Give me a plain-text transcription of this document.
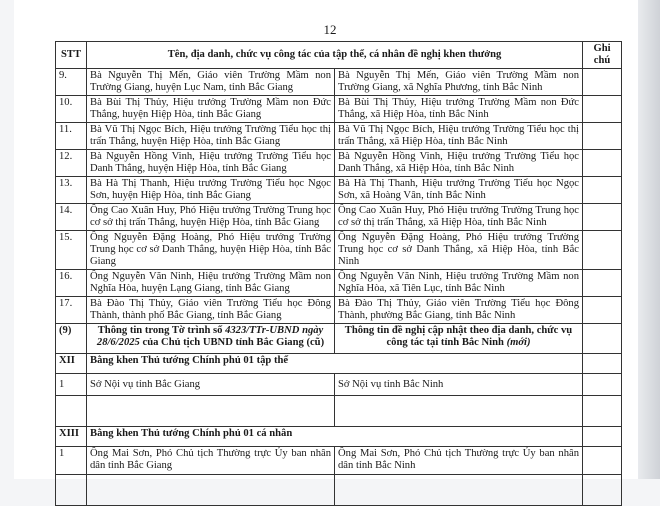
12
STT	Tên, địa danh, chức vụ công tác của tập thể, cá nhân đề nghị khen thưởng		Ghi
chú
9.	Bà Nguyễn Thị Mến, Giáo viên Trường Mầm non Trường Giang, huyện Lục Nam, tỉnh Bắc Giang	Bà Nguyễn Thị Mến, Giáo viên Trường Mầm non Trường Giang, xã Nghĩa Phương, tỉnh Bắc Ninh	
10.	Bà Bùi Thị Thủy, Hiệu trưởng Trường Mầm non Đức Thắng, huyện Hiệp Hòa, tỉnh Bắc Giang	Bà Bùi Thị Thủy, Hiệu trưởng Trường Mầm non Đức Thắng, xã Hiệp Hòa, tỉnh Bắc Ninh	
11.	Bà Vũ Thị Ngọc Bích, Hiệu trưởng Trường Tiểu học thị trấn Thắng, huyện Hiệp Hòa, tỉnh Bắc Giang	Bà Vũ Thị Ngọc Bích, Hiệu trưởng Trường Tiểu học thị trấn Thắng, xã Hiệp Hòa, tỉnh Bắc Ninh	
12.	Bà Nguyễn Hồng Vinh, Hiệu trưởng Trường Tiểu học Danh Thắng, huyện Hiệp Hòa, tỉnh Bắc Giang	Bà Nguyễn Hồng Vinh, Hiệu trưởng Trường Tiểu học Danh Thắng, xã Hiệp Hòa, tỉnh Bắc Ninh	
13.	Bà Hà Thị Thanh, Hiệu trưởng Trường Tiểu học Ngọc Sơn, huyện Hiệp Hòa, tỉnh Bắc Giang	Bà Hà Thị Thanh, Hiệu trưởng Trường Tiểu học Ngọc Sơn, xã Hoàng Vân, tỉnh Bắc Ninh	
14.	Ông Cao Xuân Huy, Phó Hiệu trưởng Trường Trung học cơ sở thị trấn Thắng, huyện Hiệp Hòa, tỉnh Bắc Giang	Ông Cao Xuân Huy, Phó Hiệu trưởng Trường Trung học cơ sở thị trấn Thắng, xã Hiệp Hòa, tỉnh Bắc Ninh	
15.	Ông Nguyễn Đặng Hoàng, Phó Hiệu trưởng Trường Trung học cơ sở Danh Thắng, huyện Hiệp Hòa, tỉnh Bắc Giang	Ông Nguyễn Đặng Hoàng, Phó Hiệu trưởng Trường Trung học cơ sở Danh Thắng, xã Hiệp Hòa, tỉnh Bắc Ninh	
16.	Ông Nguyễn Văn Ninh, Hiệu trưởng Trường Mầm non Nghĩa Hòa, huyện Lạng Giang, tỉnh Bắc Giang	Ông Nguyễn Văn Ninh, Hiệu trưởng Trường Mầm non Nghĩa Hòa, xã Tiên Lục, tỉnh Bắc Ninh	
17.	Bà Đào Thị Thủy, Giáo viên Trường Tiểu học Đông Thành, thành phố Bắc Giang, tỉnh Bắc Giang	Bà Đào Thị Thủy, Giáo viên Trường Tiểu học Đông Thành, phường Bắc Giang, tỉnh Bắc Ninh	
(9)	Thông tin trong Tờ trình số 4323/TTr-UBND ngày 28/6/2025 của Chủ tịch UBND tỉnh Bắc Giang (cũ)	Thông tin đề nghị cập nhật theo địa danh, chức vụ công tác tại tỉnh Bắc Ninh (mới)	
XII	Bằng khen Thủ tướng Chính phủ 01 tập thể		
1	Sở Nội vụ tỉnh Bắc Giang	Sở Nội vụ tỉnh Bắc Ninh	

XIII	Bằng khen Thủ tướng Chính phủ 01 cá nhân		
1	Ông Mai Sơn, Phó Chủ tịch Thường trực Ủy ban nhân dân tỉnh Bắc Giang	Ông Mai Sơn, Phó Chủ tịch Thường trực Ủy ban nhân dân tỉnh Bắc Ninh	
